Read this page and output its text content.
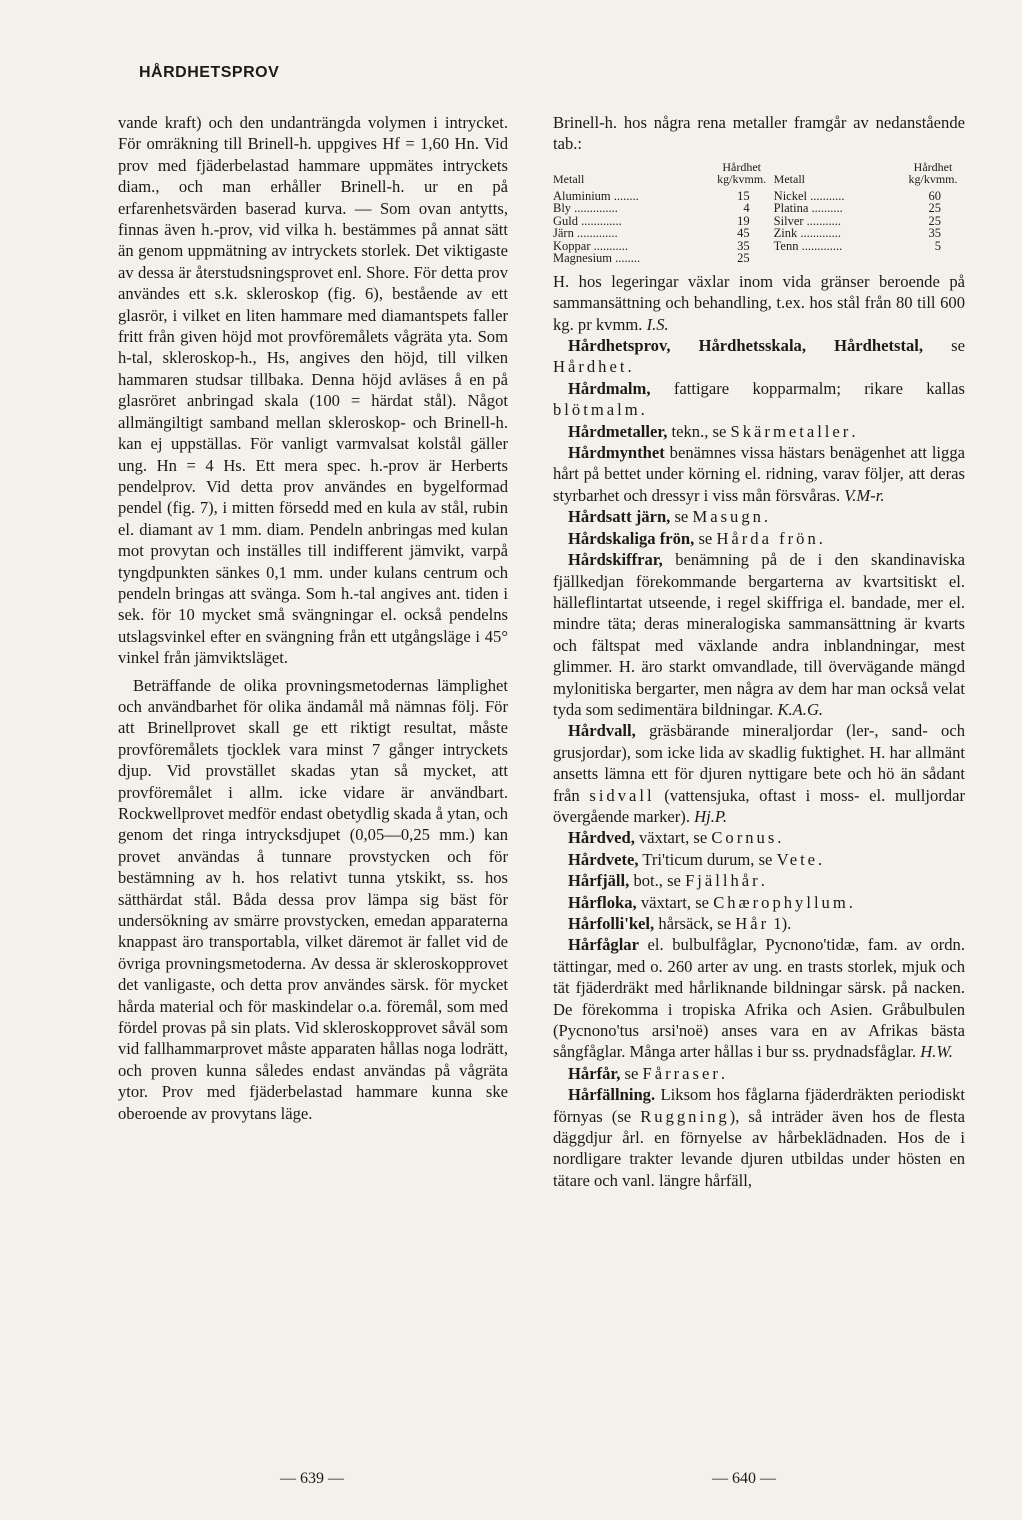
HÅRDHETSPROV

vande kraft) och den undanträngda volymen i intrycket. För omräkning till Brinell-h. uppgives Hf = 1,60 Hn. Vid prov med fjäderbelastad hammare uppmätes intryckets diam., och man erhåller Brinell-h. ur en på erfarenhetsvärden baserad kurva. — Som ovan antytts, finnas även h.-prov, vid vilka h. bestämmes på annat sätt än genom uppmätning av intryckets storlek. Det viktigaste av dessa är återstudsningsprovet enl. Shore. För detta prov användes ett s.k. skleroskop (fig. 6), bestående av ett glasrör, i vilket en liten hammare med diamantspets faller fritt från given höjd mot provföremålets vågräta yta. Som h-tal, skleroskop-h., Hs, angives den höjd, till vilken hammaren studsar tillbaka. Denna höjd avläses å en på glasröret anbringad skala (100 = härdat stål). Något allmängiltigt samband mellan skleroskop- och Brinell-h. kan ej uppställas. För vanligt varmvalsat kolstål gäller ung. Hn = 4 Hs. Ett mera spec. h.-prov är Herberts pendelprov. Vid detta prov användes en bygelformad pendel (fig. 7), i mitten försedd med en kula av stål, rubin el. diamant av 1 mm. diam. Pendeln anbringas med kulan mot provytan och inställes till indifferent jämvikt, varpå tyngdpunkten sänkes 0,1 mm. under kulans centrum och pendeln bringas att svänga. Som h.-tal angives ant. tiden i sek. för 10 mycket små svängningar el. också pendelns utslagsvinkel efter en svängning från ett utgångsläge i 45° vinkel från jämviktsläget.

Beträffande de olika provningsmetodernas lämplighet och användbarhet för olika ändamål må nämnas följ. För att Brinellprovet skall ge ett riktigt resultat, måste provföremålets tjocklek vara minst 7 gånger intryckets djup. Vid provstället skadas ytan så mycket, att provföremålet i allm. icke vidare är användbart. Rockwellprovet medför endast obetydlig skada å ytan, och genom det ringa intrycksdjupet (0,05—0,25 mm.) kan provet användas å tunnare provstycken och för bestämning av h. hos relativt tunna ytskikt, ss. hos sätthärdat stål. Båda dessa prov lämpa sig bäst för undersökning av smärre provstycken, emedan apparaterna knappast äro transportabla, vilket däremot är fallet vid de övriga provningsmetoderna. Av dessa är skleroskopprovet det vanligaste, och detta prov användes särsk. för mycket hårda material och för maskindelar o.a. föremål, som med fördel provas på sin plats. Vid skleroskopprovet såväl som vid fallhammarprovet måste apparaten hållas noga lodrätt, och proven kunna således endast användas på vågräta ytor. Prov med fjäderbelastad hammare kunna ske oberoende av provytans läge.

Brinell-h. hos några rena metaller framgår av nedanstående tab.:

Metall	Hårdhet kg/kvmm.	Metall	Hårdhet kg/kvmm.
Aluminium ........	15	Nickel ...........	60
Bly ..............	4	Platina ..........	25
Guld .............	19	Silver ...........	25
Järn .............	45	Zink .............	35
Koppar ...........	35	Tenn .............	5
Magnesium ........	25		

H. hos legeringar växlar inom vida gränser beroende på sammansättning och behandling, t.ex. hos stål från 80 till 600 kg. pr kvmm. I.S.

Hårdhetsprov, Hårdhetsskala, Hårdhetstal, se Hårdhet.

Hårdmalm, fattigare kopparmalm; rikare kallas blötmalm.

Hårdmetaller, tekn., se Skärmetaller.

Hårdmynthet benämnes vissa hästars benägenhet att ligga hårt på bettet under körning el. ridning, varav följer, att deras styrbarhet och dressyr i viss mån försvåras. V.M-r.

Hårdsatt järn, se Masugn.

Hårdskaliga frön, se Hårda frön.

Hårdskiffrar, benämning på de i den skandinaviska fjällkedjan förekommande bergarterna av kvartsitiskt el. hälleflintartat utseende, i regel skiffriga el. bandade, mer el. mindre täta; deras mineralogiska sammansättning är kvarts och fältspat med växlande andra inblandningar, mest glimmer. H. äro starkt omvandlade, till övervägande mängd mylonitiska bergarter, men några av dem har man också velat tyda som sedimentära bildningar. K.A.G.

Hårdvall, gräsbärande mineraljordar (ler-, sand- och grusjordar), som icke lida av skadlig fuktighet. H. har allmänt ansetts lämna ett för djuren nyttigare bete och hö än sådant från sidvall (vattensjuka, oftast i moss- el. mulljordar övergående marker). Hj.P.

Hårdved, växtart, se Cornus.

Hårdvete, Tri'ticum durum, se Vete.

Hårfjäll, bot., se Fjällhår.

Hårfloka, växtart, se Chærophyllum.

Hårfolli'kel, hårsäck, se Hår 1).

Hårfåglar el. bulbulfåglar, Pycnono'tidæ, fam. av ordn. tättingar, med o. 260 arter av ung. en trasts storlek, mjuk och tät fjäderdräkt med hårliknande bildningar särsk. på nacken. De förekomma i tropiska Afrika och Asien. Gråbulbulen (Pycnono'tus arsi'noë) anses vara en av Afrikas bästa sångfåglar. Många arter hållas i bur ss. prydnadsfåglar. H.W.

Hårfår, se Fårraser.

Hårfällning. Liksom hos fåglarna fjäderdräkten periodiskt förnyas (se Ruggning), så inträder även hos de flesta däggdjur årl. en förnyelse av hårbeklädnaden. Hos de i nordligare trakter levande djuren utbildas under hösten en tätare och vanl. längre hårfäll,

— 639 —	— 640 —
